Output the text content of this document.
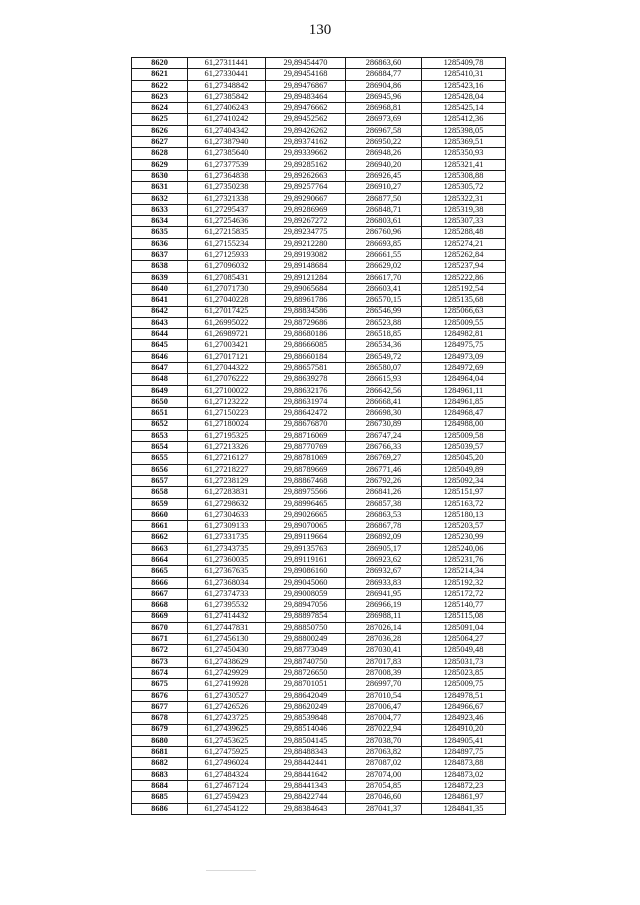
130
8620	61,27311441	29,89454470	286863,60	1285409,78
8621	61,27330441	29,89454168	286884,77	1285410,31
8622	61,27348842	29,89476867	286904,86	1285423,16
8623	61,27385842	29,89483464	286945,96	1285428,04
8624	61,27406243	29,89476662	286968,81	1285425,14
8625	61,27410242	29,89452562	286973,69	1285412,36
8626	61,27404342	29,89426262	286967,58	1285398,05
8627	61,27387940	29,89374162	286950,22	1285369,51
8628	61,27385640	29,89339662	286948,26	1285350,93
8629	61,27377539	29,89285162	286940,20	1285321,41
8630	61,27364838	29,89262663	286926,45	1285308,88
8631	61,27350238	29,89257764	286910,27	1285305,72
8632	61,27321338	29,89290667	286877,50	1285322,31
8633	61,27295437	29,89286969	286848,71	1285319,38
8634	61,27254636	29,89267272	286803,61	1285307,33
8635	61,27215835	29,89234775	286760,96	1285288,48
8636	61,27155234	29,89212280	286693,85	1285274,21
8637	61,27125933	29,89193082	286661,55	1285262,84
8638	61,27096032	29,89148684	286629,02	1285237,94
8639	61,27085431	29,89121284	286617,70	1285222,86
8640	61,27071730	29,89065684	286603,41	1285192,54
8641	61,27040228	29,88961786	286570,15	1285135,68
8642	61,27017425	29,88834586	286546,99	1285066,63
8643	61,26995022	29,88729686	286523,88	1285009,55
8644	61,26989721	29,88680186	286518,85	1284982,81
8645	61,27003421	29,88666085	286534,36	1284975,75
8646	61,27017121	29,88660184	286549,72	1284973,09
8647	61,27044322	29,88657581	286580,07	1284972,69
8648	61,27076222	29,88639278	286615,93	1284964,04
8649	61,27100022	29,88632176	286642,56	1284961,11
8650	61,27123222	29,88631974	286668,41	1284961,85
8651	61,27150223	29,88642472	286698,30	1284968,47
8652	61,27180024	29,88676870	286730,89	1284988,00
8653	61,27195325	29,88716069	286747,24	1285009,58
8654	61,27213326	29,88770769	286766,33	1285039,57
8655	61,27216127	29,88781069	286769,27	1285045,20
8656	61,27218227	29,88789669	286771,46	1285049,89
8657	61,27238129	29,88867468	286792,26	1285092,34
8658	61,27283831	29,88975566	286841,26	1285151,97
8659	61,27298632	29,88996465	286857,38	1285163,72
8660	61,27304633	29,89026665	286863,53	1285180,13
8661	61,27309133	29,89070065	286867,78	1285203,57
8662	61,27331735	29,89119664	286892,09	1285230,99
8663	61,27343735	29,89135763	286905,17	1285240,06
8664	61,27360035	29,89119161	286923,62	1285231,76
8665	61,27367635	29,89086160	286932,67	1285214,34
8666	61,27368034	29,89045060	286933,83	1285192,32
8667	61,27374733	29,89008059	286941,95	1285172,72
8668	61,27395532	29,88947056	286966,19	1285140,77
8669	61,27414432	29,88897854	286988,11	1285115,08
8670	61,27447831	29,88850750	287026,14	1285091,04
8671	61,27456130	29,88800249	287036,28	1285064,27
8672	61,27450430	29,88773049	287030,41	1285049,48
8673	61,27438629	29,88740750	287017,83	1285031,73
8674	61,27429929	29,88726650	287008,39	1285023,85
8675	61,27419928	29,88701051	286997,70	1285009,75
8676	61,27430527	29,88642049	287010,54	1284978,51
8677	61,27426526	29,88620249	287006,47	1284966,67
8678	61,27423725	29,88539848	287004,77	1284923,46
8679	61,27439625	29,88514046	287022,94	1284910,20
8680	61,27453625	29,88504145	287038,70	1284905,41
8681	61,27475925	29,88488343	287063,82	1284897,75
8682	61,27496024	29,88442441	287087,02	1284873,88
8683	61,27484324	29,88441642	287074,00	1284873,02
8684	61,27467124	29,88441343	287054,85	1284872,23
8685	61,27459423	29,88422744	287046,60	1284861,97
8686	61,27454122	29,88384643	287041,37	1284841,35
